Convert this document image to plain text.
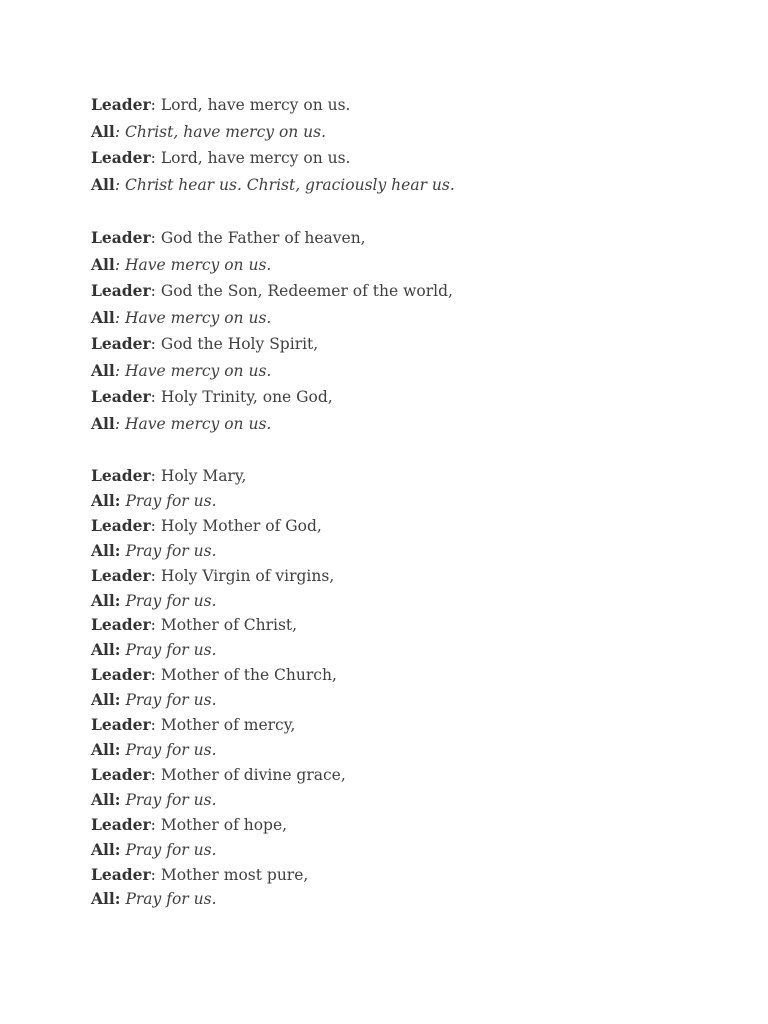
Leader: Lord, have mercy on us.
All: Christ, have mercy on us.
Leader: Lord, have mercy on us.
All: Christ hear us. Christ, graciously hear us.
Leader: God the Father of heaven,
All: Have mercy on us.
Leader: God the Son, Redeemer of the world,
All: Have mercy on us.
Leader: God the Holy Spirit,
All: Have mercy on us.
Leader: Holy Trinity, one God,
All: Have mercy on us.
Leader: Holy Mary,
All: Pray for us.
Leader: Holy Mother of God,
All: Pray for us.
Leader: Holy Virgin of virgins,
All: Pray for us.
Leader: Mother of Christ,
All: Pray for us.
Leader: Mother of the Church,
All: Pray for us.
Leader: Mother of mercy,
All: Pray for us.
Leader: Mother of divine grace,
All: Pray for us.
Leader: Mother of hope,
All: Pray for us.
Leader: Mother most pure,
All: Pray for us.
